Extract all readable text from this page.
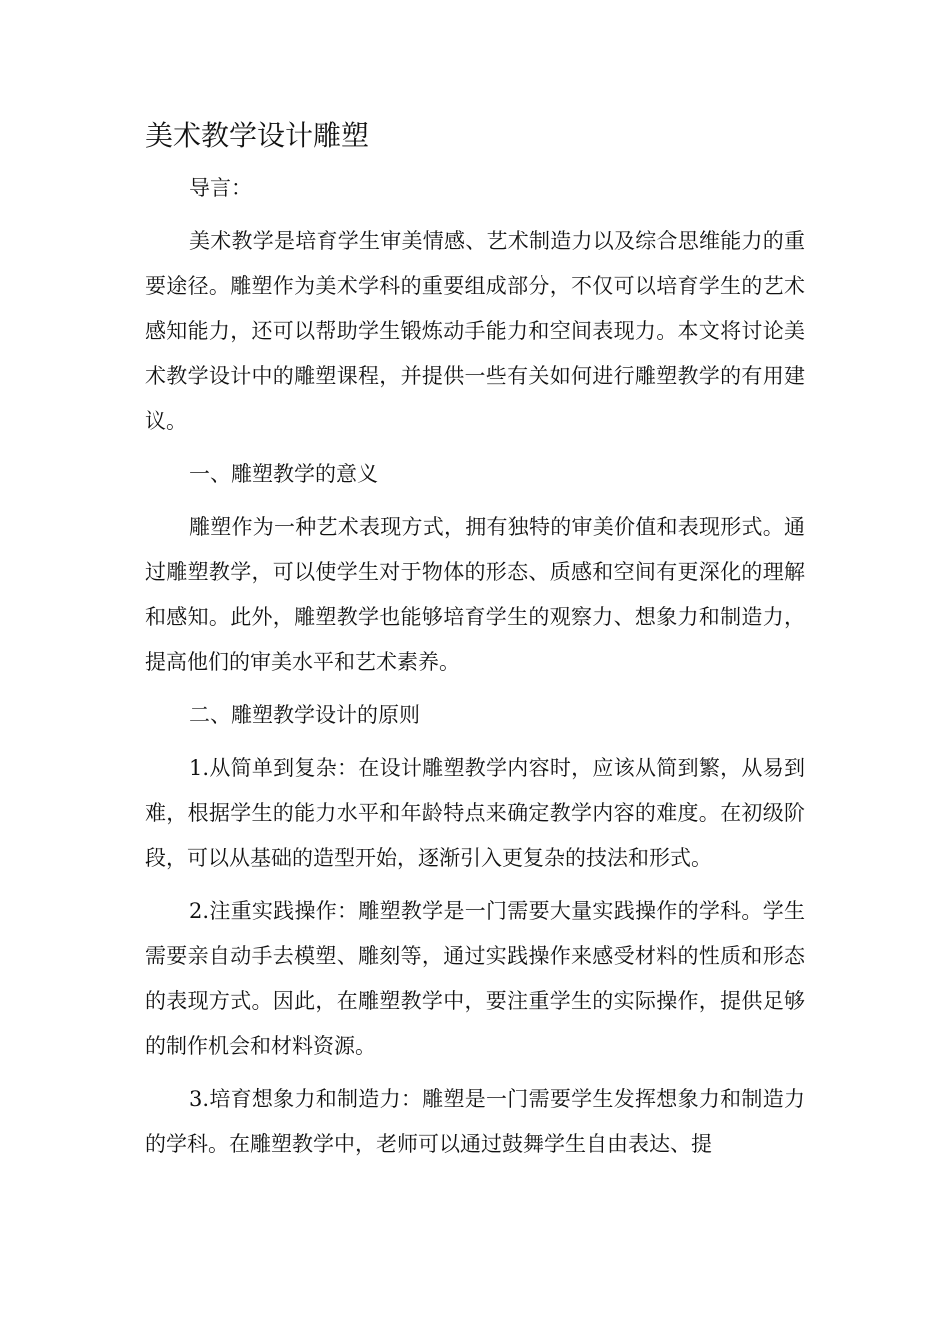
美术教学设计雕塑

导言：

美术教学是培育学生审美情感、艺术制造力以及综合思维能力的重要途径。雕塑作为美术学科的重要组成部分，不仅可以培育学生的艺术感知能力，还可以帮助学生锻炼动手能力和空间表现力。本文将讨论美术教学设计中的雕塑课程，并提供一些有关如何进行雕塑教学的有用建议。

一、雕塑教学的意义

雕塑作为一种艺术表现方式，拥有独特的审美价值和表现形式。通过雕塑教学，可以使学生对于物体的形态、质感和空间有更深化的理解和感知。此外，雕塑教学也能够培育学生的观察力、想象力和制造力，提高他们的审美水平和艺术素养。

二、雕塑教学设计的原则

1.从简单到复杂：在设计雕塑教学内容时，应该从简到繁，从易到难，根据学生的能力水平和年龄特点来确定教学内容的难度。在初级阶段，可以从基础的造型开始，逐渐引入更复杂的技法和形式。

2.注重实践操作：雕塑教学是一门需要大量实践操作的学科。学生需要亲自动手去模塑、雕刻等，通过实践操作来感受材料的性质和形态的表现方式。因此，在雕塑教学中，要注重学生的实际操作，提供足够的制作机会和材料资源。

3.培育想象力和制造力：雕塑是一门需要学生发挥想象力和制造力的学科。在雕塑教学中，老师可以通过鼓舞学生自由表达、提
